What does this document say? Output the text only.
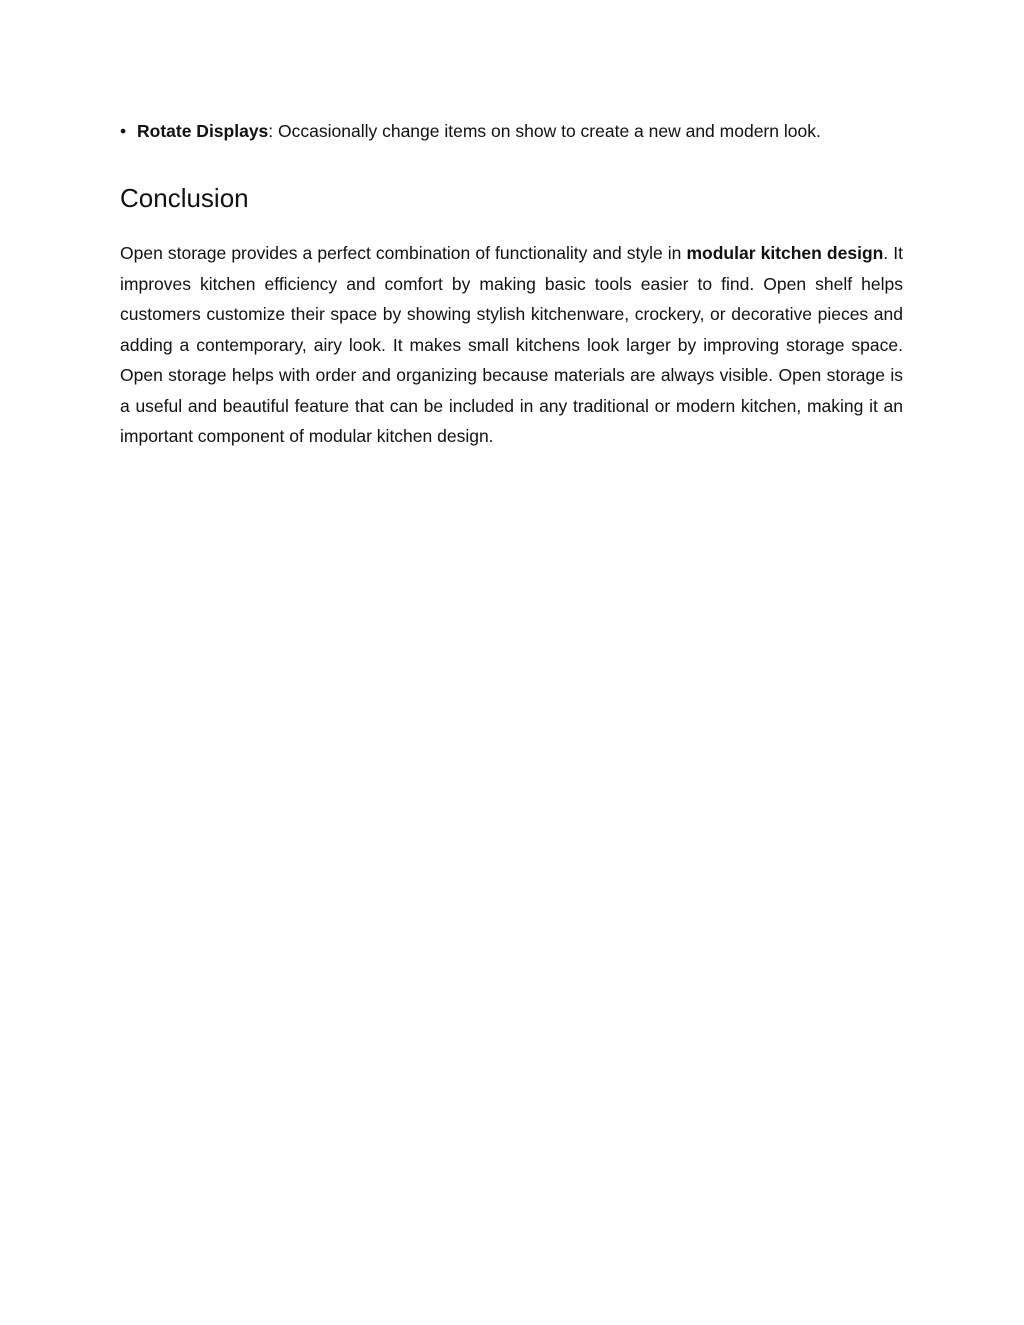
• Rotate Displays: Occasionally change items on show to create a new and modern look.
Conclusion

Open storage provides a perfect combination of functionality and style in modular kitchen design. It improves kitchen efficiency and comfort by making basic tools easier to find. Open shelf helps customers customize their space by showing stylish kitchenware, crockery, or decorative pieces and adding a contemporary, airy look. It makes small kitchens look larger by improving storage space. Open storage helps with order and organizing because materials are always visible. Open storage is a useful and beautiful feature that can be included in any traditional or modern kitchen, making it an important component of modular kitchen design.
